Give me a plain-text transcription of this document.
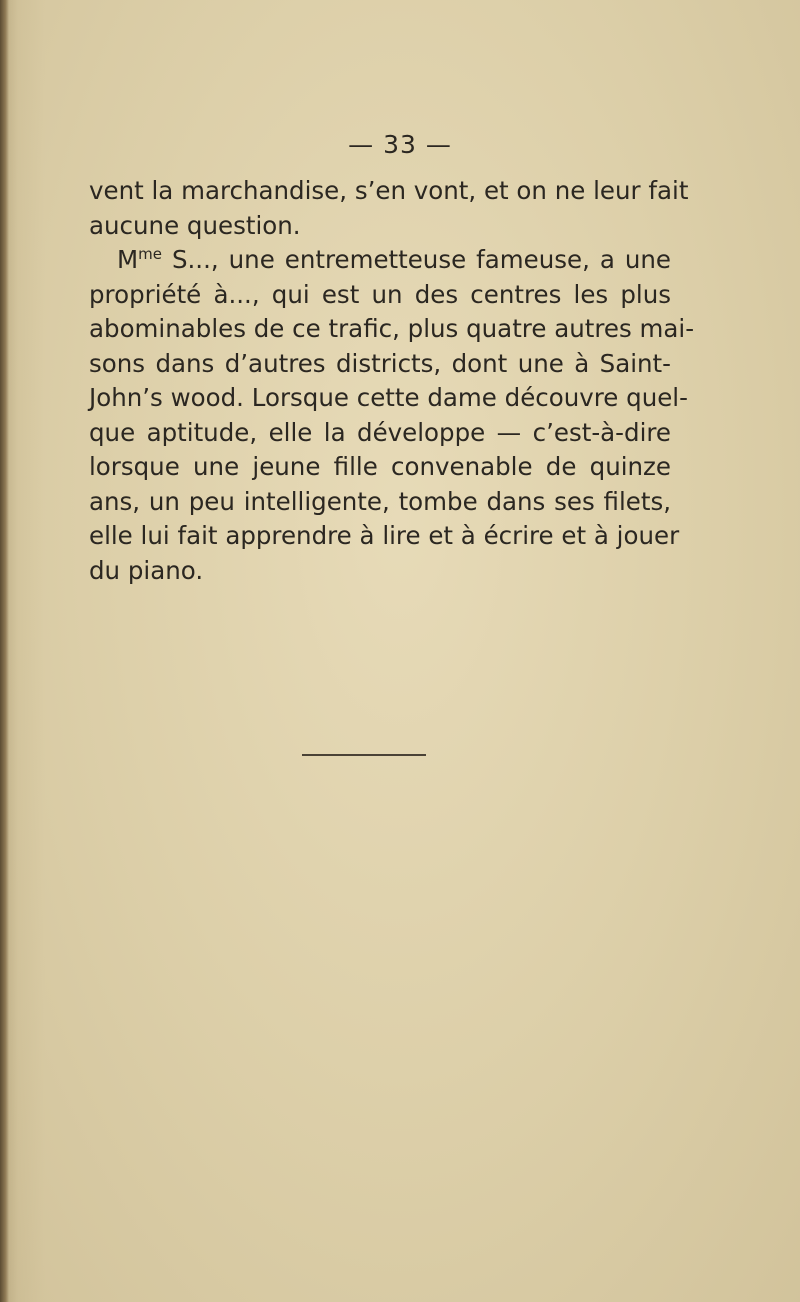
— 33 —
vent la marchandise, s’en vont, et on ne leur fait
aucune question.
$M^{me}$ S..., une entremetteuse fameuse, a une
propriété à..., qui est un des centres les plus
abominables de ce trafic, plus quatre autres mai-
sons dans d’autres districts, dont une à Saint-
John’s wood. Lorsque cette dame découvre quel-
que aptitude, elle la développe — c’est-à-dire
lorsque une jeune fille convenable de quinze
ans, un peu intelligente, tombe dans ses filets,
elle lui fait apprendre à lire et à écrire et à jouer
du piano.
